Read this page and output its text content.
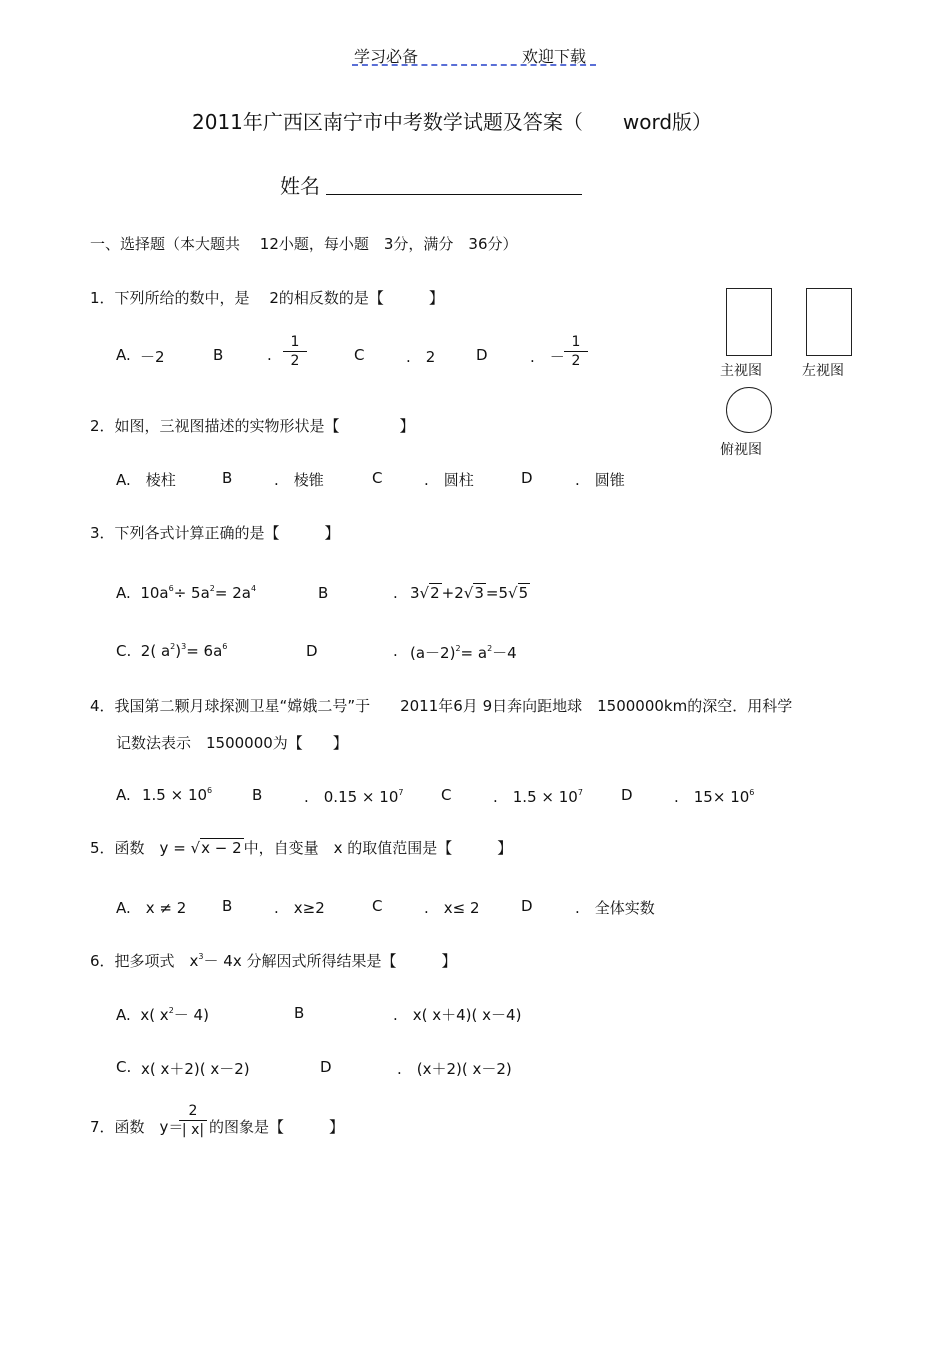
学习必备	欢迎下载
2011年广西区南宁市中考数学试题及答案（　　word版）
姓名
一、选择题（本大题共　 12小题，每小题　3分，满分　36分）
主视图	左视图
俯视图
1．下列所给的数中，是　 2的相反数的是【　　　】
A. －2	B	.
1
2	C	.　2	D	.　－
1
2
2．如图，三视图描述的实物形状是【　　　　】
A.　棱柱	B	.　棱锥	C	.　圆柱	D	.　圆锥
3．下列各式计算正确的是【　　　】
A. $10a^6\div 5a^2= 2a^4$	B	. 3√2 +2√3 =5√5
C. 2( $a^2)^3= 6a^6$	D	. $(a-2)^2= a^2-4$
4．我国第二颗月球探测卫星“嫦娥二号”于　　2011年6月 9日奔向距地球　1500000km的深空．用科学
记数法表示　1500000为【　　】
A. $1.5 \times 10^6$	B	.　$0.15 \times 10^7$	C	.　$1.5 \times 10^7$	D	.　$15\times 10^6$
5．函数　y = √x − 2 中，自变量　x 的取值范围是【　　　】
A.　x ≠ 2 B	.　x≥2	C	.　x≤ 2	D	.　全体实数
6．把多项式　$x^3- 4x$ 分解因式所得结果是【　　　】
A. x( $x^2- 4$)	B	.　x( x＋4)( x－4)
C. x( x＋2)( x－2)	D	.　(x＋2)( x－2)
7．函数　y＝
2
| x| 的图象是【　　　】
